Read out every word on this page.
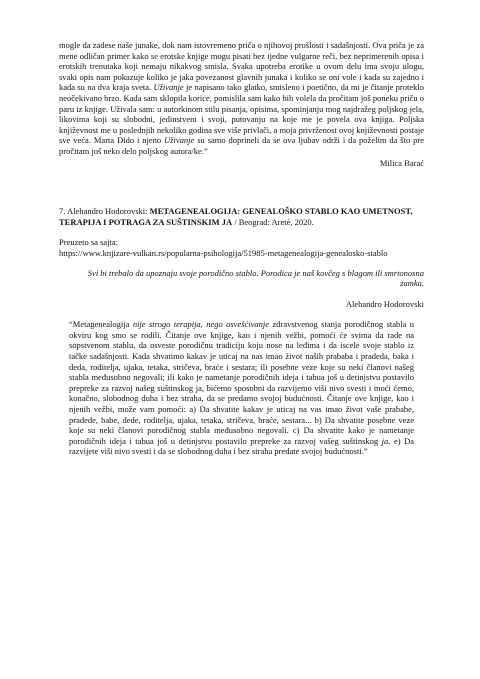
mogle da zadese naše junake, dok nam istovremeno priča o njihovoj prošlosti i sadašnjosti. Ova priča je za mene odličan primer kako se erotske knjige mogu pisati bez ijedne vulgarne reči, bez neprimerenih opisa i erotskih trenutaka koji nemaju nikakvog smisla. Svaka upotreba erotike u ovom delu ima svoju ulogu, svaki opis nam pokazuje koliko je jaka povezanost glavnih junaka i koliko se oni vole i kada su zajedno i kada su na dva kraja sveta. Uživanje je napisano tako glatko, smisleno i poetično, da mi je čitanje proteklo neočekivano brzo. Kada sam sklopila korice, pomislila sam kako bih volela da pročitam još poneku priču o paru iz knjige. Uživala sam: u autorkinom stilu pisanja, opisima, spominjanju mog najdražeg poljskog jela, likovima koji su slobodni, jedinstveni i svoji, putovanju na koje me je povela ova knjiga. Poljska književnost me u poslednjih nekoliko godina sve više privlači, a moja privrženost ovoj književnosti postaje sve veća. Marta Đido i njeno Uživanje su samo doprineli da se ova ljubav održi i da poželim da što pre pročitam još neko delo poljskog autora/ke.”

Milica Barać

7. Alehandro Hodorovski: METAGENEALOGIJA: GENEALOŠKO STABLO KAO UMETNOST, TERAPIJA I POTRAGA ZA SUŠTINSKIM JA / Beograd: Aretè, 2020.

Preuzeto sa sajta:
https://www.knjizare-vulkan.rs/popularna-psihologija/51985-metagenealogija-genealosko-stablo

Svi bi trebalo da upoznaju svoje porodično stablo. Porodica je naš kovčeg s blagom ili smrtonosna zamka.

Alehandro Hodorovski

“Metagenealogija nije strogo terapija, nego osvešćivanje zdravstvenog stanja porodičnog stabla u okviru kog smo se rodili. Čitanje ove knjige, kao i njenih vežbi, pomoći će svima da rade na sopstvenom stablu, da osveste porodičnu tradiciju koju nose na leđima i da iscele svoje stablo iz tačke sadašnjosti. Kada shvatimo kakav je uticaj na nas imao život naših prababa i pradeda, baka i deda, roditelja, ujaka, tetaka, stričeva, braće i sestara; ili posebne veze koje su neki članovi našeg stabla međusobno negovali; ili kako je nametanje porodičnih ideja i tabua još u detinjstvu postavilo prepreke za razvoj našeg suštinskog ja, bićemo sposobni da razvijemo viši nivo svesti i moći ćemo, konačno, slobodnog duha i bez straha, da se predamo svojoj budućnosti. Čitanje ove knjige, kao i njenih vežbi, može vam pomoći: a) Da shvatite kakav je uticaj na vas imao život vaše prababe, pradede, babe, dede, roditelja, ujaka, tetaka, stričeva, braće, sestara... b) Da shvatite posebne veze koje su neki članovi porodičnog stabla međusobno negovali. c) Da shvatite kako je nametanje porodičnih ideja i tabua još u detinjstvu postavilo prepreke za razvoj vašeg suštinskog ja. e) Da razvijete viši nivo svesti i da se slobodnog duha i bez straha predate svojoj budućnosti.”
